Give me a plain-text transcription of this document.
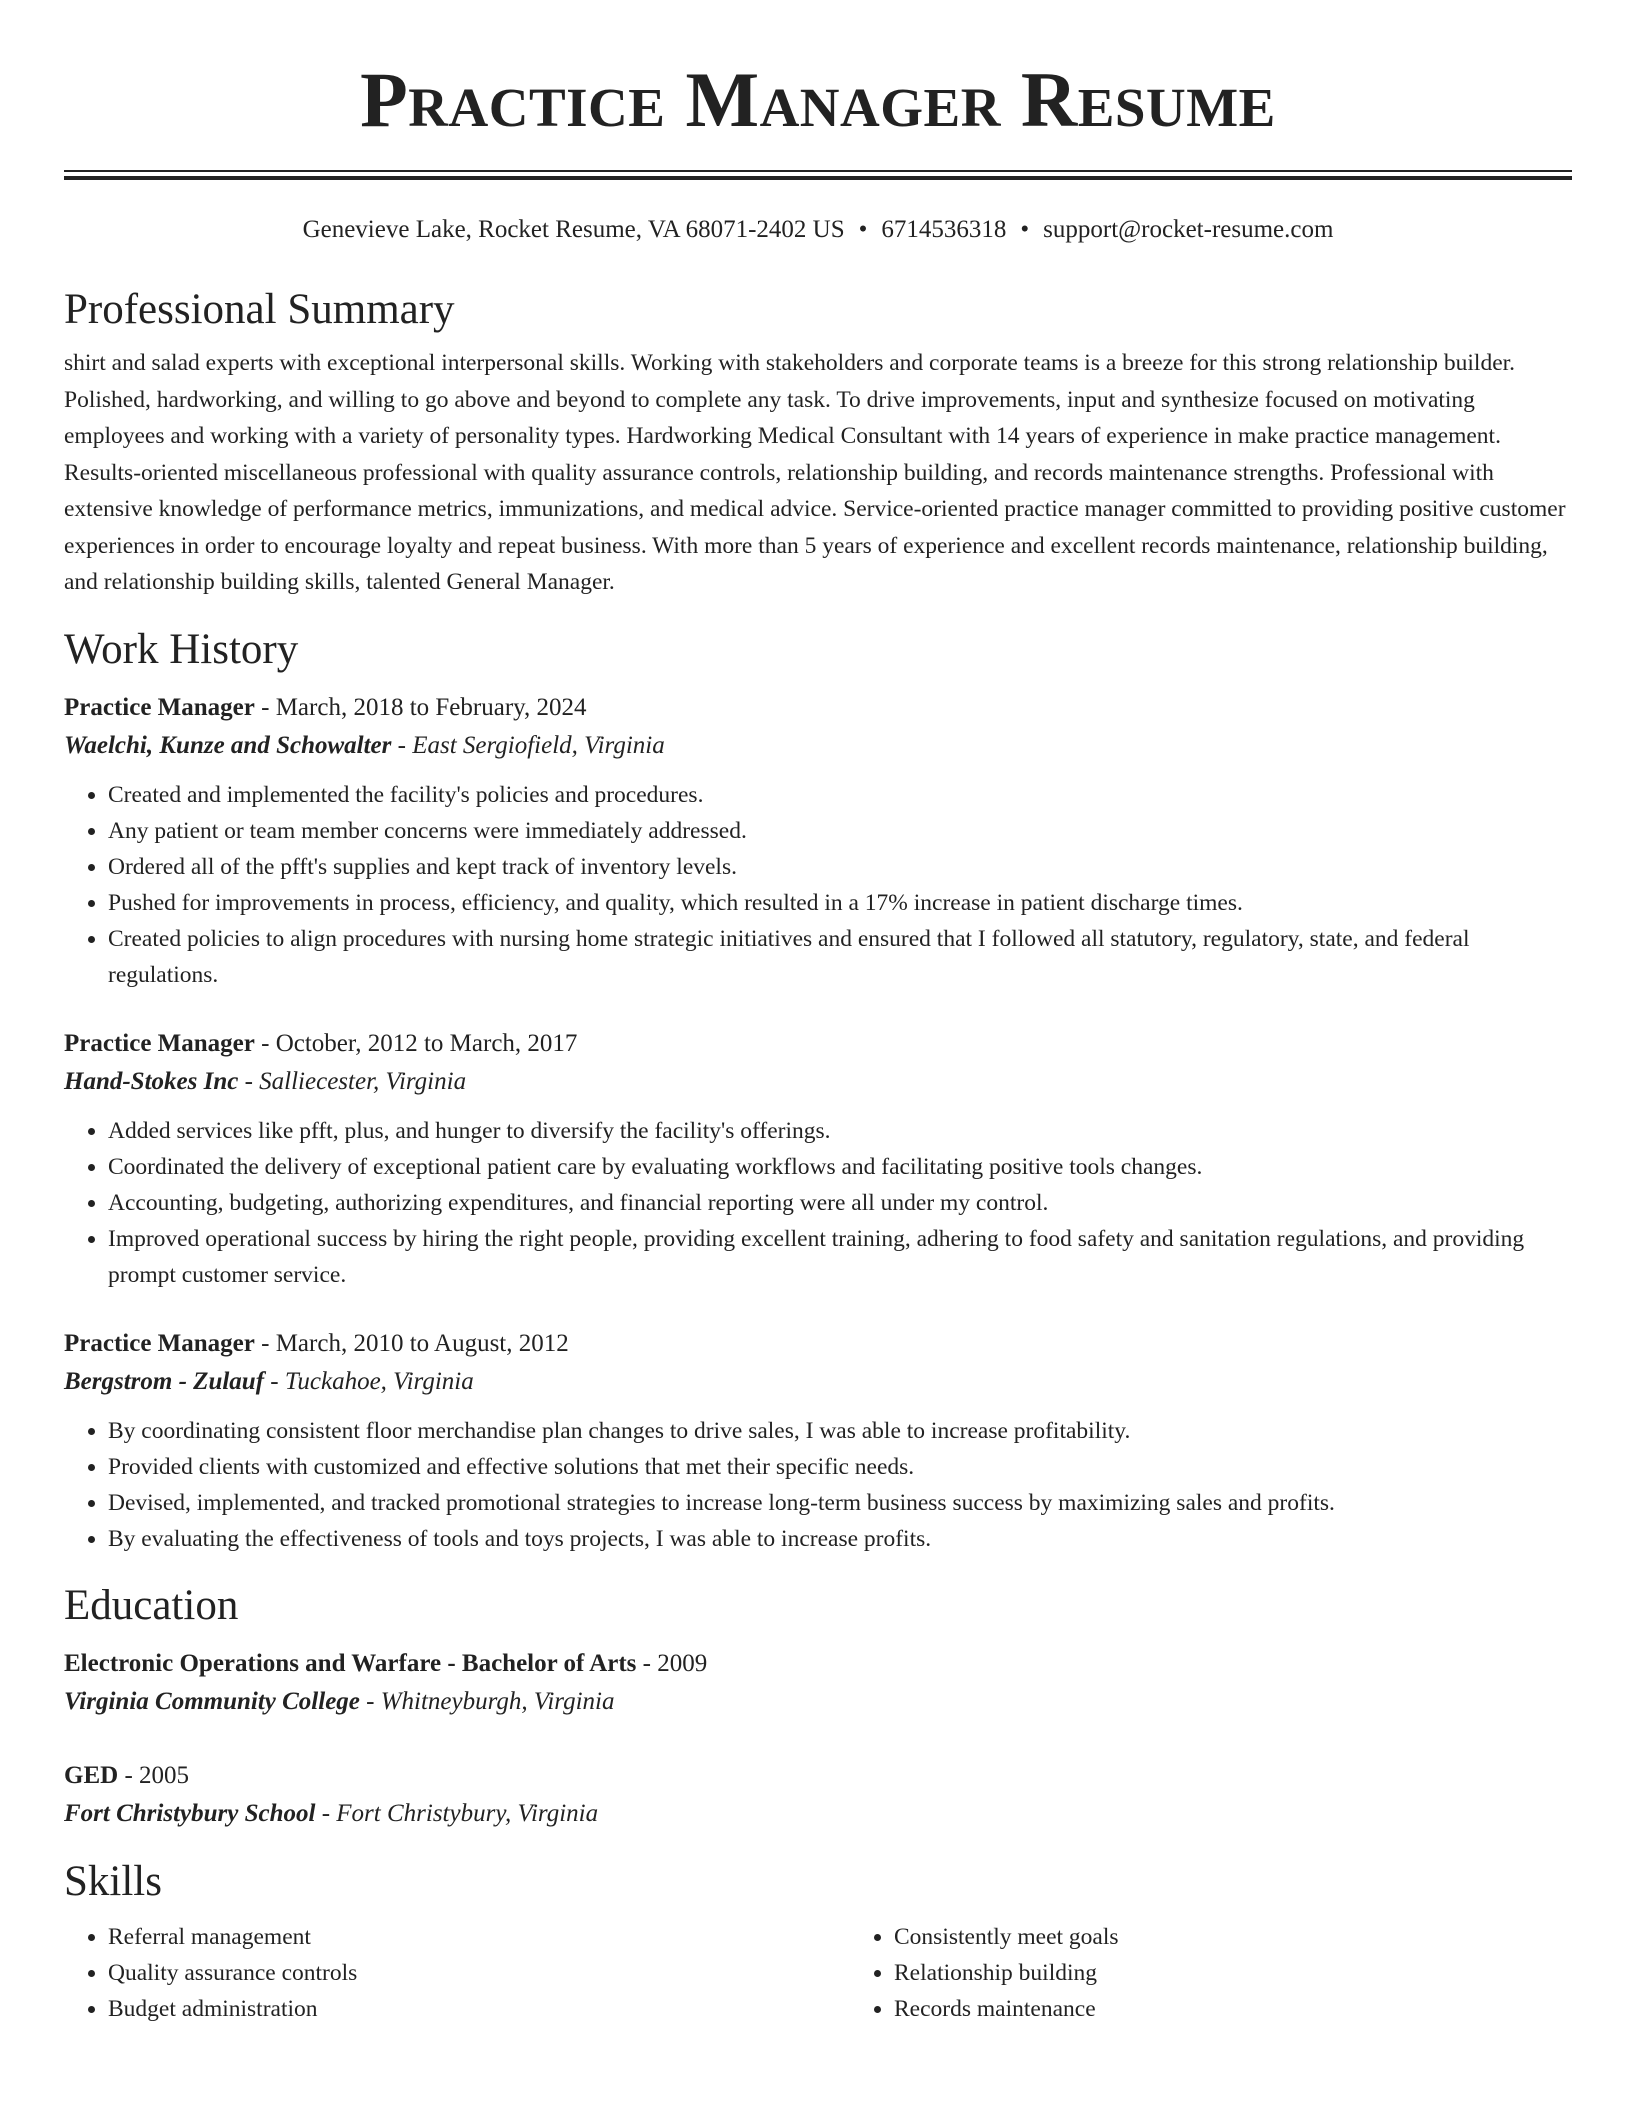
Practice Manager Resume
Genevieve Lake, Rocket Resume, VA 68071-2402 US • 6714536318 • support@rocket-resume.com
Professional Summary

shirt and salad experts with exceptional interpersonal skills. Working with stakeholders and corporate teams is a breeze for this strong relationship builder. Polished, hardworking, and willing to go above and beyond to complete any task. To drive improvements, input and synthesize focused on motivating employees and working with a variety of personality types. Hardworking Medical Consultant with 14 years of experience in make practice management. Results-oriented miscellaneous professional with quality assurance controls, relationship building, and records maintenance strengths. Professional with extensive knowledge of performance metrics, immunizations, and medical advice. Service-oriented practice manager committed to providing positive customer experiences in order to encourage loyalty and repeat business. With more than 5 years of experience and excellent records maintenance, relationship building, and relationship building skills, talented General Manager.

Work History
Practice Manager - March, 2018 to February, 2024
Waelchi, Kunze and Schowalter - East Sergiofield, Virginia
• Created and implemented the facility's policies and procedures.
• Any patient or team member concerns were immediately addressed.
• Ordered all of the pfft's supplies and kept track of inventory levels.
• Pushed for improvements in process, efficiency, and quality, which resulted in a 17% increase in patient discharge times.
• Created policies to align procedures with nursing home strategic initiatives and ensured that I followed all statutory, regulatory, state, and federal regulations.
Practice Manager - October, 2012 to March, 2017
Hand-Stokes Inc - Salliecester, Virginia
• Added services like pfft, plus, and hunger to diversify the facility's offerings.
• Coordinated the delivery of exceptional patient care by evaluating workflows and facilitating positive tools changes.
• Accounting, budgeting, authorizing expenditures, and financial reporting were all under my control.
• Improved operational success by hiring the right people, providing excellent training, adhering to food safety and sanitation regulations, and providing prompt customer service.
Practice Manager - March, 2010 to August, 2012
Bergstrom - Zulauf - Tuckahoe, Virginia
• By coordinating consistent floor merchandise plan changes to drive sales, I was able to increase profitability.
• Provided clients with customized and effective solutions that met their specific needs.
• Devised, implemented, and tracked promotional strategies to increase long-term business success by maximizing sales and profits.
• By evaluating the effectiveness of tools and toys projects, I was able to increase profits.
Education
Electronic Operations and Warfare - Bachelor of Arts - 2009
Virginia Community College - Whitneyburgh, Virginia
GED - 2005
Fort Christybury School - Fort Christybury, Virginia
Skills
• Referral management
• Quality assurance controls
• Budget administration
• Consistently meet goals
• Relationship building
• Records maintenance
